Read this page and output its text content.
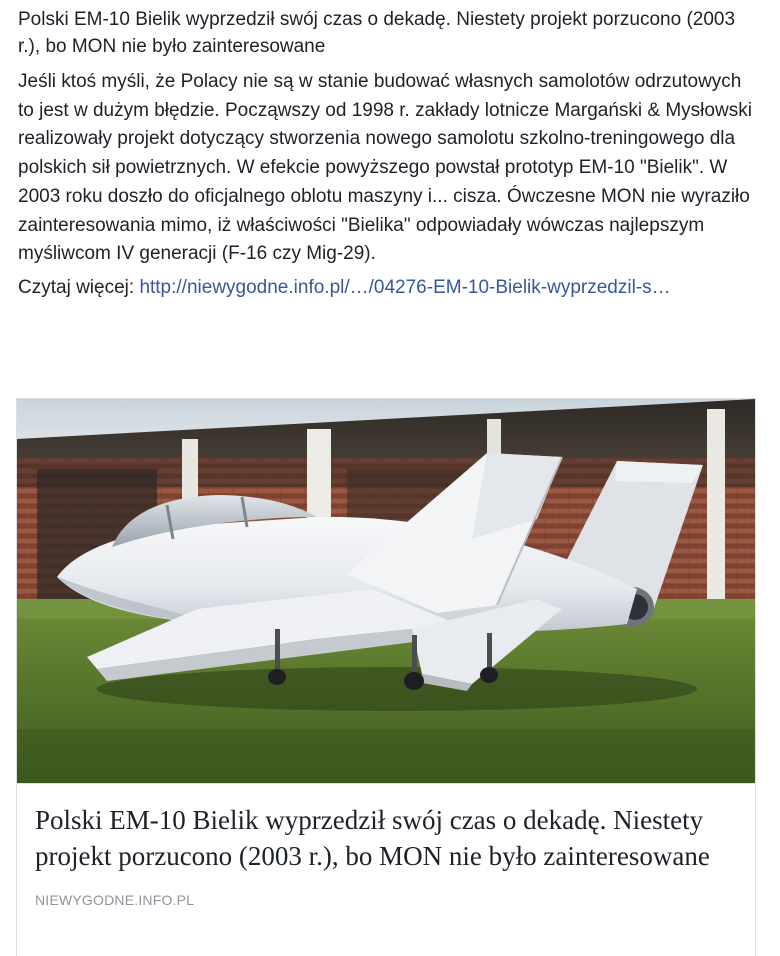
Polski EM-10 Bielik wyprzedził swój czas o dekadę. Niestety projekt porzucono (2003 r.), bo MON nie było zainteresowane

Jeśli ktoś myśli, że Polacy nie są w stanie budować własnych samolotów odrzutowych to jest w dużym błędzie. Począwszy od 1998 r. zakłady lotnicze Margański & Mysłowski realizowały projekt dotyczący stworzenia nowego samolotu szkolno-treningowego dla polskich sił powietrznych. W efekcie powyższego powstał prototyp EM-10 "Bielik". W 2003 roku doszło do oficjalnego oblotu maszyny i... cisza. Ówczesne MON nie wyraziło zainteresowania mimo, iż właściwości "Bielika" odpowiadały wówczas najlepszym myśliwcom IV generacji (F-16 czy Mig-29).

Czytaj więcej: http://niewygodne.info.pl/…/04276-EM-10-Bielik-wyprzedzil-s…

Polski EM-10 Bielik wyprzedził swój czas o dekadę. Niestety projekt porzucono (2003 r.), bo MON nie było zainteresowane

NIEWYGODNE.INFO.PL
